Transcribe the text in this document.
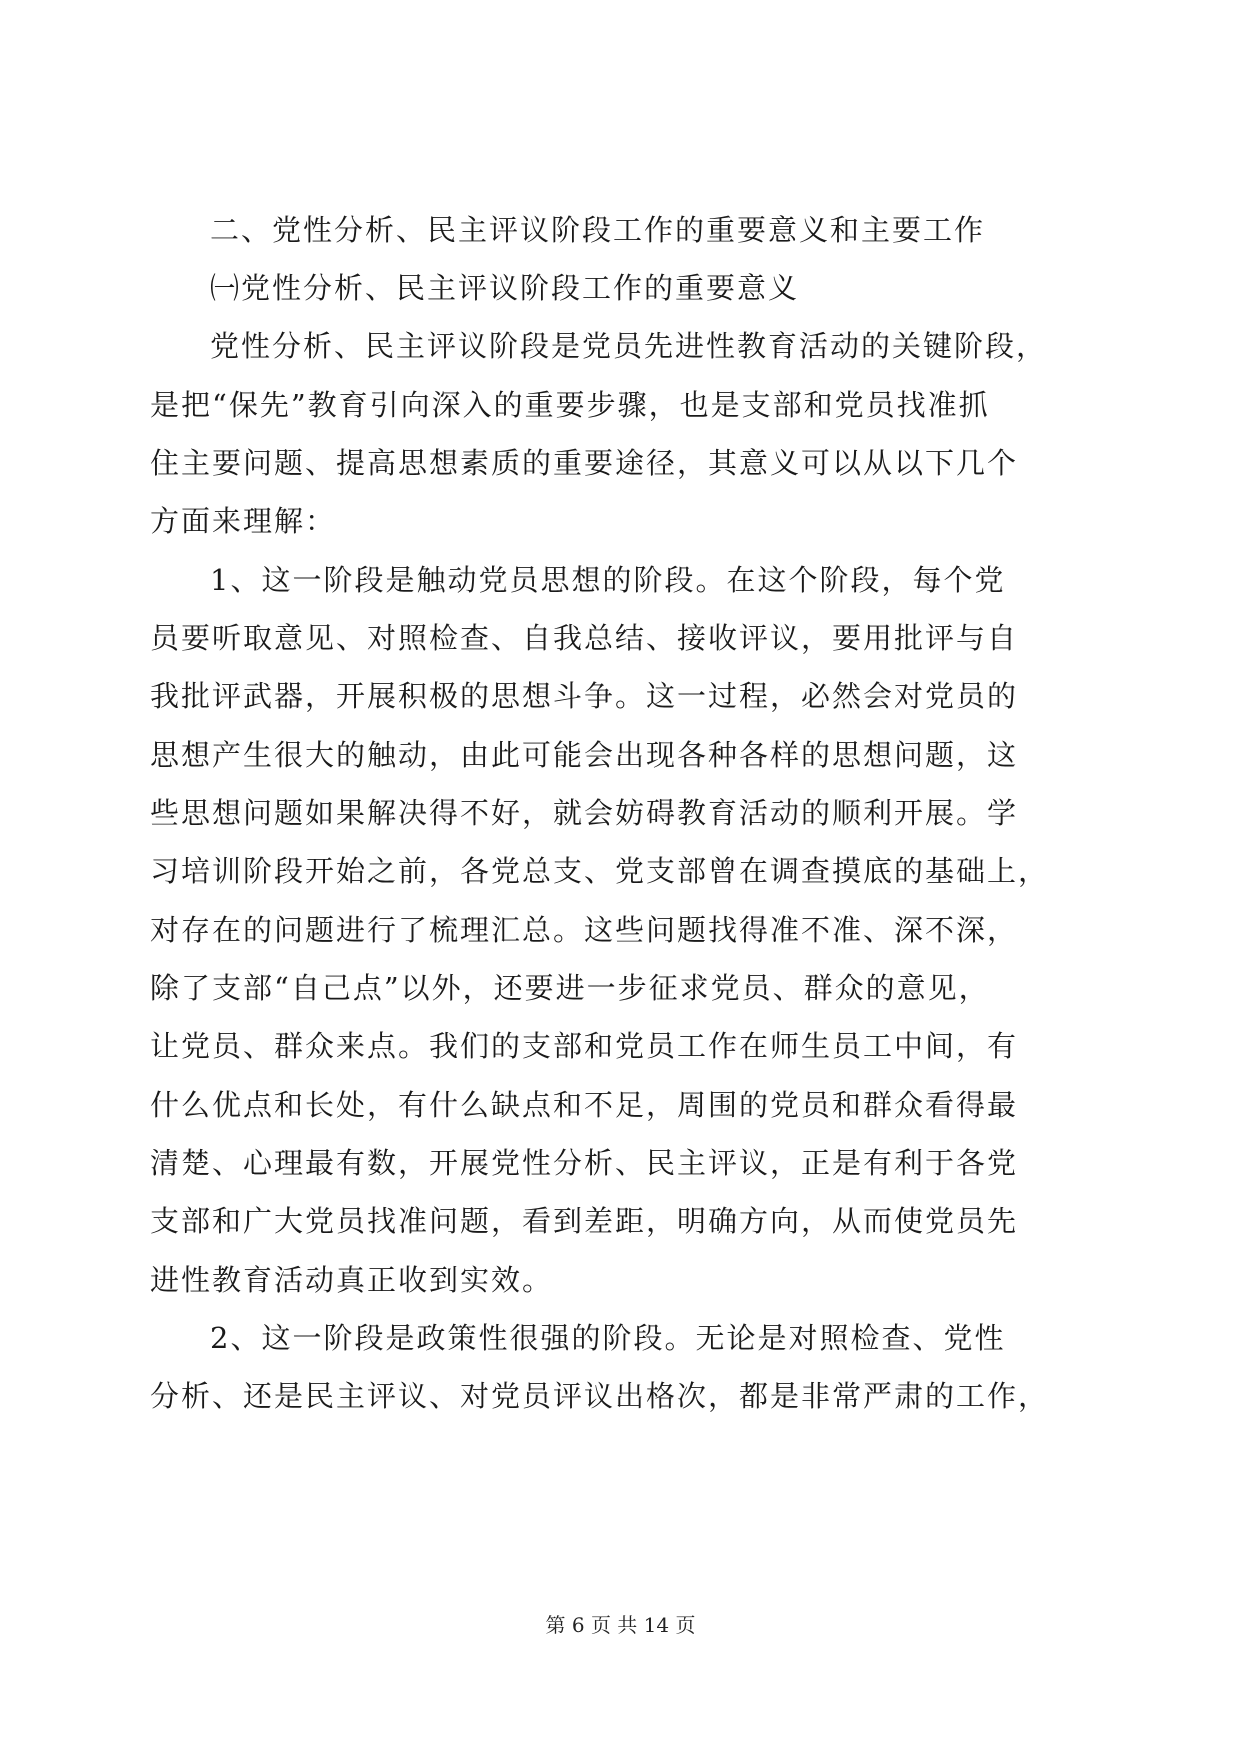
二、党性分析、民主评议阶段工作的重要意义和主要工作
㈠党性分析、民主评议阶段工作的重要意义
党性分析、民主评议阶段是党员先进性教育活动的关键阶段，
是把“保先”教育引向深入的重要步骤，也是支部和党员找准抓
住主要问题、提高思想素质的重要途径，其意义可以从以下几个
方面来理解：
1、这一阶段是触动党员思想的阶段。在这个阶段，每个党
员要听取意见、对照检查、自我总结、接收评议，要用批评与自
我批评武器，开展积极的思想斗争。这一过程，必然会对党员的
思想产生很大的触动，由此可能会出现各种各样的思想问题，这
些思想问题如果解决得不好，就会妨碍教育活动的顺利开展。学
习培训阶段开始之前，各党总支、党支部曾在调查摸底的基础上，
对存在的问题进行了梳理汇总。这些问题找得准不准、深不深，
除了支部“自己点”以外，还要进一步征求党员、群众的意见，
让党员、群众来点。我们的支部和党员工作在师生员工中间，有
什么优点和长处，有什么缺点和不足，周围的党员和群众看得最
清楚、心理最有数，开展党性分析、民主评议，正是有利于各党
支部和广大党员找准问题，看到差距，明确方向，从而使党员先
进性教育活动真正收到实效。
2、这一阶段是政策性很强的阶段。无论是对照检查、党性
分析、还是民主评议、对党员评议出格次，都是非常严肃的工作，
第 6 页 共 14 页
